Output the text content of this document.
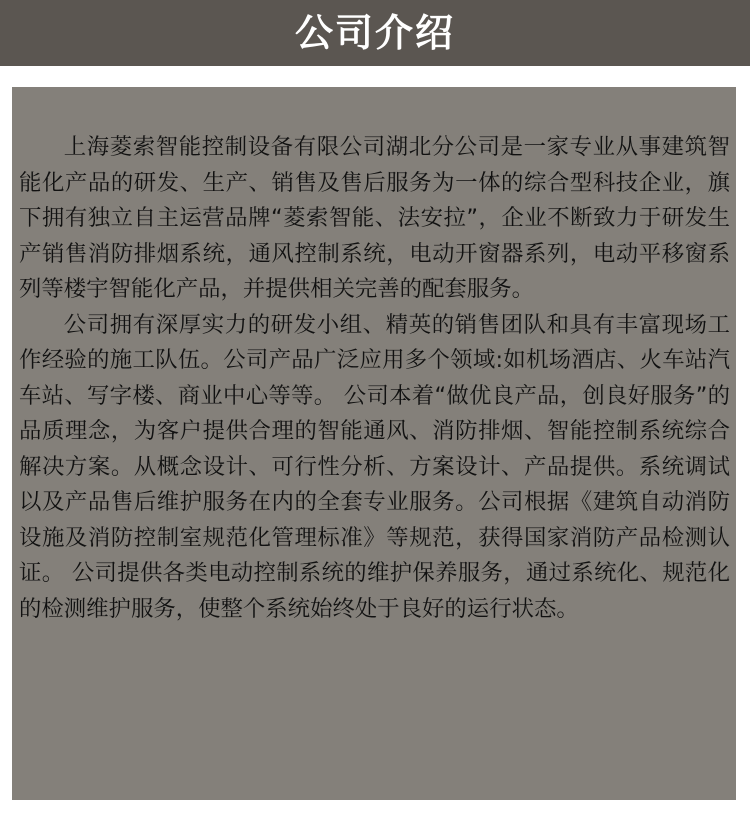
公司介绍

上海菱索智能控制设备有限公司湖北分公司是一家专业从事建筑智能化产品的研发、生产、销售及售后服务为一体的综合型科技企业，旗下拥有独立自主运营品牌“菱索智能、法安拉”，企业不断致力于研发生产销售消防排烟系统，通风控制系统，电动开窗器系列，电动平移窗系列等楼宇智能化产品，并提供相关完善的配套服务。

公司拥有深厚实力的研发小组、精英的销售团队和具有丰富现场工作经验的施工队伍。公司产品广泛应用多个领域:如机场酒店、火车站汽车站、写字楼、商业中心等等。 公司本着“做优良产品，创良好服务”的品质理念，为客户提供合理的智能通风、消防排烟、智能控制系统综合解决方案。从概念设计、可行性分析、方案设计、产品提供。系统调试以及产品售后维护服务在内的全套专业服务。公司根据《建筑自动消防设施及消防控制室规范化管理标准》等规范，获得国家消防产品检测认证。 公司提供各类电动控制系统的维护保养服务，通过系统化、规范化的检测维护服务，使整个系统始终处于良好的运行状态。
